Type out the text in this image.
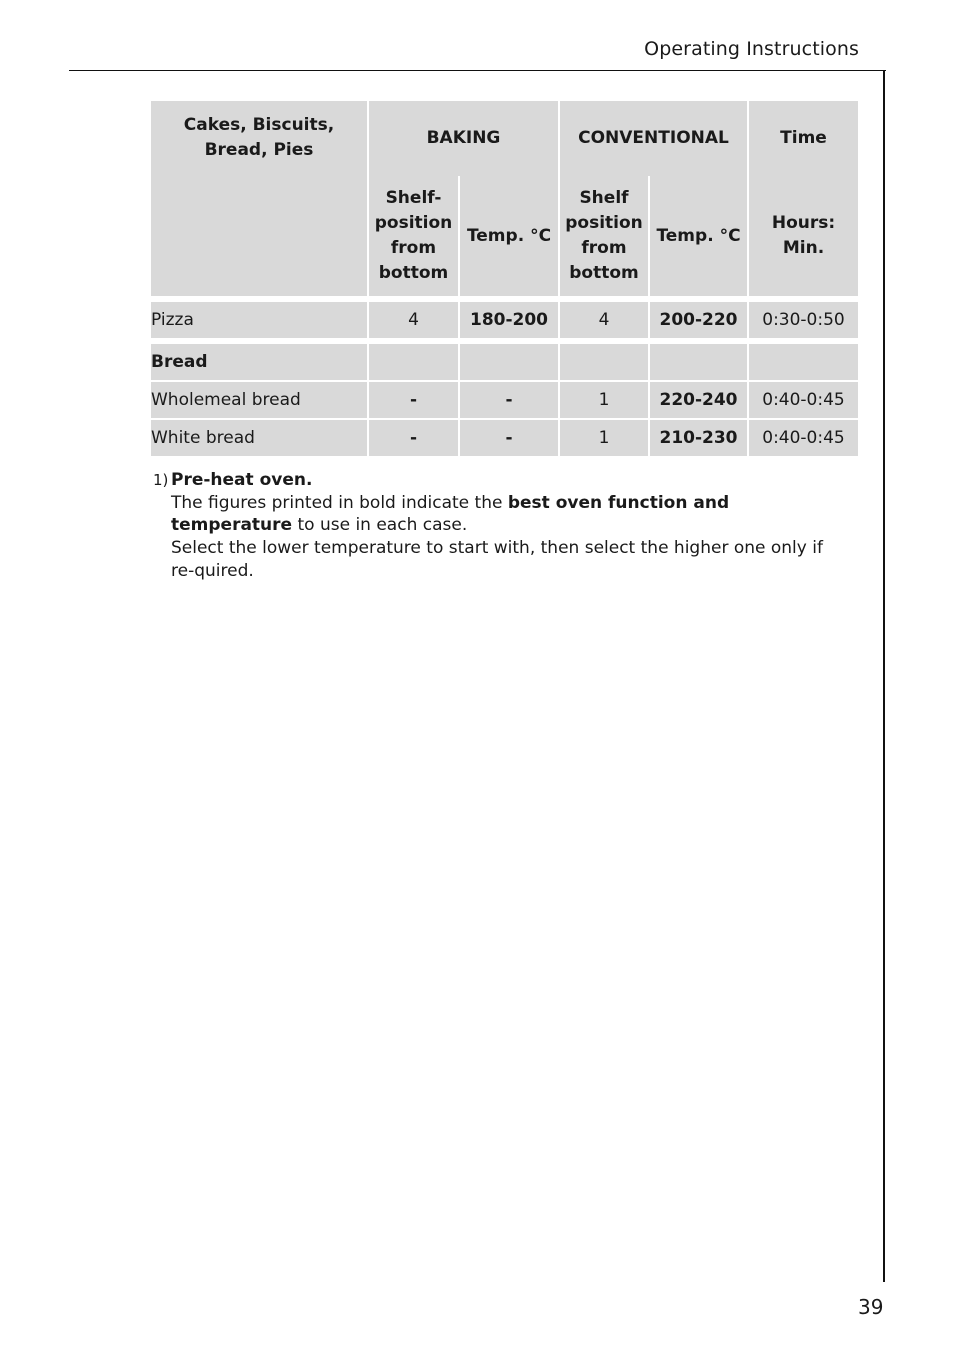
Operating Instructions
Cakes, Biscuits, Bread, Pies	BAKING		CONVENTIONAL		Time
	Shelf-position from bottom	Temp. °C	Shelf position from bottom	Temp. °C	Hours: Min.

Pizza	4	180-200	4	200-220	0:30-0:50

Bread					
Wholemeal bread	-	-	1	220-240	0:40-0:45
White bread	-	-	1	210-230	0:40-0:45
1) Pre-heat oven.
The figures printed in bold indicate the best oven function and temperature to use in each case.
Select the lower temperature to start with, then select the higher one only if re-quired.
39
